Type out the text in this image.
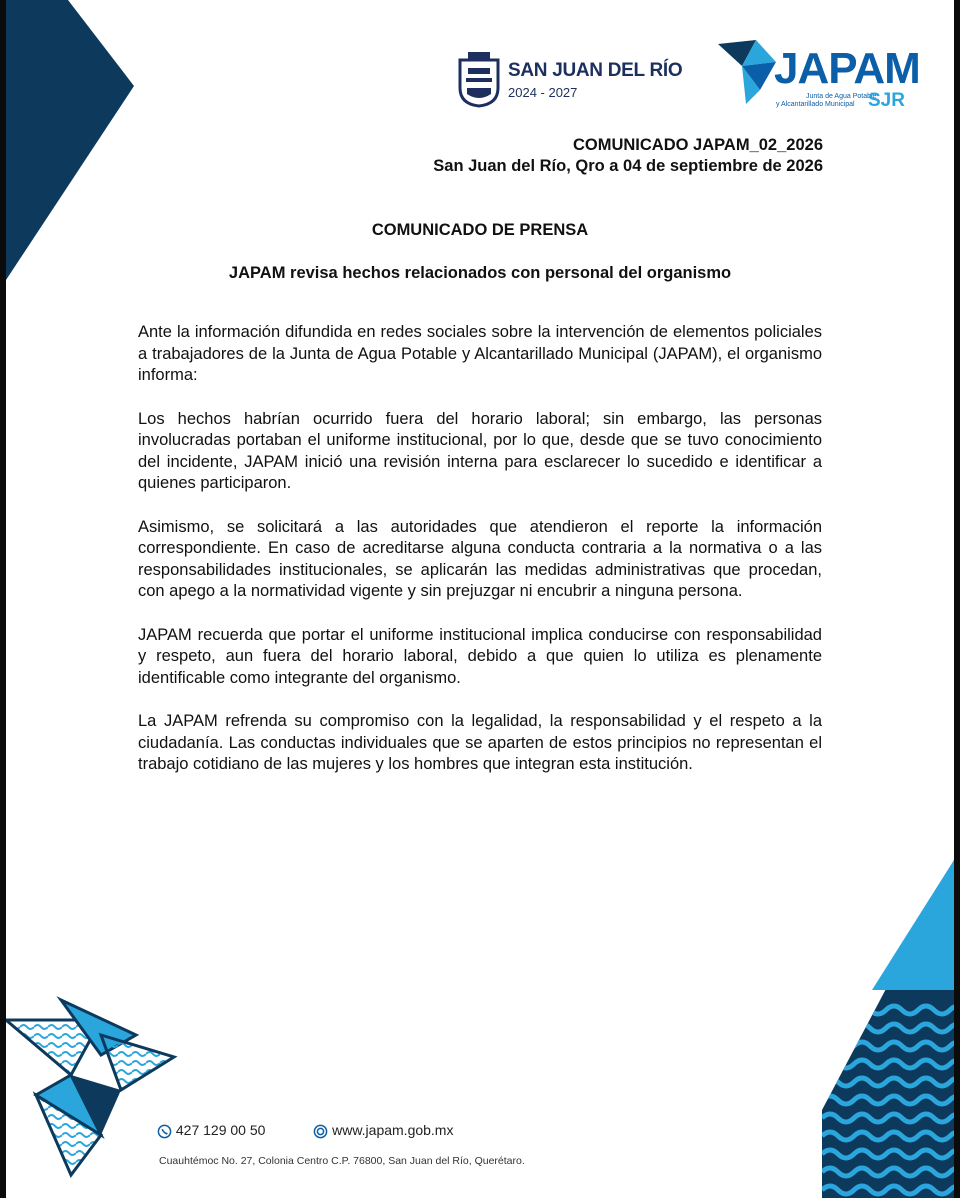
SAN JUAN DEL RÍO
2024 - 2027	JAPAM
Junta de Agua Potable
y Alcantarillado Municipal SJR
COMUNICADO JAPAM_02_2026
San Juan del Río, Qro a 04 de septiembre de 2026
COMUNICADO DE PRENSA
JAPAM revisa hechos relacionados con personal del organismo

Ante la información difundida en redes sociales sobre la intervención de elementos policiales a trabajadores de la Junta de Agua Potable y Alcantarillado Municipal (JAPAM), el organismo informa:

Los hechos habrían ocurrido fuera del horario laboral; sin embargo, las personas involucradas portaban el uniforme institucional, por lo que, desde que se tuvo conocimiento del incidente, JAPAM inició una revisión interna para esclarecer lo sucedido e identificar a quienes participaron.

Asimismo, se solicitará a las autoridades que atendieron el reporte la información correspondiente. En caso de acreditarse alguna conducta contraria a la normativa o a las responsabilidades institucionales, se aplicarán las medidas administrativas que procedan, con apego a la normatividad vigente y sin prejuzgar ni encubrir a ninguna persona.

JAPAM recuerda que portar el uniforme institucional implica conducirse con responsabilidad y respeto, aun fuera del horario laboral, debido a que quien lo utiliza es plenamente identificable como integrante del organismo.

La JAPAM refrenda su compromiso con la legalidad, la responsabilidad y el respeto a la ciudadanía. Las conductas individuales que se aparten de estos principios no representan el trabajo cotidiano de las mujeres y los hombres que integran esta institución.

427 129 00 50	www.japam.gob.mx
Cuauhtémoc No. 27, Colonia Centro C.P. 76800, San Juan del Río, Querétaro.
